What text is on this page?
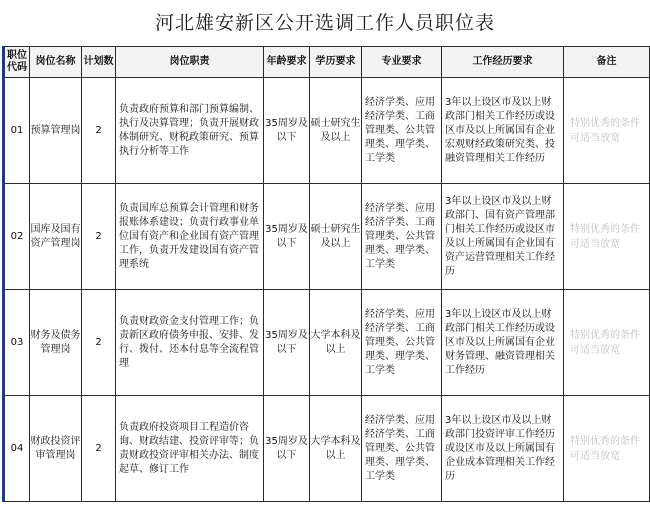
河北雄安新区公开选调工作人员职位表
职位代码	岗位名称	计划数	岗位职责	年龄要求	学历要求	专业要求	工作经历要求	备注
01	预算管理岗	2	负责政府预算和部门预算编制、执行及决算管理；负责开展财政体制研究、财税政策研究、预算执行分析等工作	35周岁及以下	硕士研究生及以上	经济学类、应用经济学类、工商管理类、公共管理类、理学类、工学类	3年以上设区市及以上财政部门相关工作经历或设区市及以上所属国有企业宏观财经政策研究类、投融资管理相关工作经历	特别优秀的条件可适当放宽
02	国库及国有资产管理岗	2	负责国库总预算会计管理和财务报账体系建设；负责行政事业单位国有资产和企业国有资产管理工作，负责开发建设国有资产管理系统	35周岁及以下	硕士研究生及以上	经济学类、应用经济学类、工商管理类、公共管理类、理学类、工学类	3年以上设区市及以上财政部门、国有资产管理部门相关工作经历或设区市及以上所属国有企业国有资产运营管理相关工作经历	特别优秀的条件可适当放宽
03	财务及债务管理岗	2	负责财政资金支付管理工作；负责新区政府债务申报、安排、发行、拨付、还本付息等全流程管理	35周岁及以下	大学本科及以上	经济学类、应用经济学类、工商管理类、公共管理类、理学类、工学类	3年以上设区市及以上财政部门相关工作经历或设区市及以上所属国有企业财务管理、融资管理相关工作经历	特别优秀的条件可适当放宽
04	财政投资评审管理岗	2	负责政府投资项目工程造价咨询、财政结建、投资评审等；负责财政投资评审相关办法、制度起草、修订工作	35周岁及以下	大学本科及以上	经济学类、应用经济学类、工商管理类、公共管理类、理学类、工学类	3年以上设区市及以上财政部门投资评审工作经历或设区市及以上所属国有企业成本管理相关工作经历	特别优秀的条件可适当放宽
